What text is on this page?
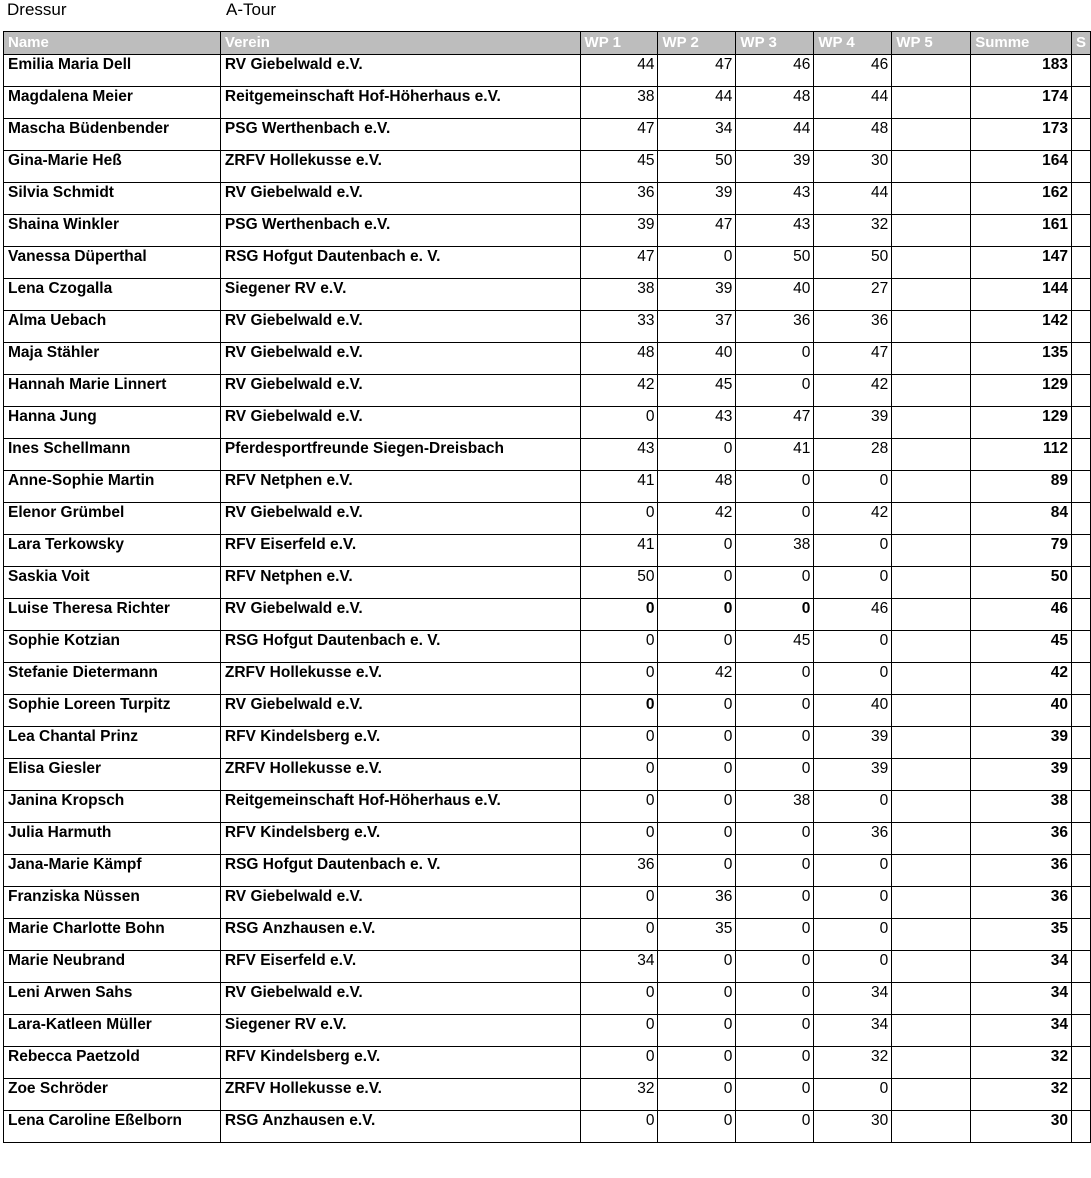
Dressur	A-Tour
Name	Verein	WP 1	WP 2	WP 3	WP 4	WP 5	Summe	S
Emilia Maria Dell	RV Giebelwald e.V.	44	47	46	46		183	
Magdalena Meier	Reitgemeinschaft Hof-Höherhaus e.V.	38	44	48	44		174	
Mascha Büdenbender	PSG Werthenbach e.V.	47	34	44	48		173	
Gina-Marie Heß	ZRFV Hollekusse e.V.	45	50	39	30		164	
Silvia Schmidt	RV Giebelwald e.V.	36	39	43	44		162	
Shaina Winkler	PSG Werthenbach e.V.	39	47	43	32		161	
Vanessa Düperthal	RSG Hofgut Dautenbach e. V.	47	0	50	50		147	
Lena Czogalla	Siegener RV e.V.	38	39	40	27		144	
Alma Uebach	RV Giebelwald e.V.	33	37	36	36		142	
Maja Stähler	RV Giebelwald e.V.	48	40	0	47		135	
Hannah Marie Linnert	RV Giebelwald e.V.	42	45	0	42		129	
Hanna Jung	RV Giebelwald e.V.	0	43	47	39		129	
Ines Schellmann	Pferdesportfreunde Siegen-Dreisbach	43	0	41	28		112	
Anne-Sophie Martin	RFV Netphen e.V.	41	48	0	0		89	
Elenor Grümbel	RV Giebelwald e.V.	0	42	0	42		84	
Lara Terkowsky	RFV Eiserfeld e.V.	41	0	38	0		79	
Saskia Voit	RFV Netphen e.V.	50	0	0	0		50	
Luise Theresa Richter	RV Giebelwald e.V.	0	0	0	46		46	
Sophie Kotzian	RSG Hofgut Dautenbach e. V.	0	0	45	0		45	
Stefanie Dietermann	ZRFV Hollekusse e.V.	0	42	0	0		42	
Sophie Loreen Turpitz	RV Giebelwald e.V.	0	0	0	40		40	
Lea Chantal Prinz	RFV Kindelsberg e.V.	0	0	0	39		39	
Elisa Giesler	ZRFV Hollekusse e.V.	0	0	0	39		39	
Janina Kropsch	Reitgemeinschaft Hof-Höherhaus e.V.	0	0	38	0		38	
Julia Harmuth	RFV Kindelsberg e.V.	0	0	0	36		36	
Jana-Marie Kämpf	RSG Hofgut Dautenbach e. V.	36	0	0	0		36	
Franziska Nüssen	RV Giebelwald e.V.	0	36	0	0		36	
Marie Charlotte Bohn	RSG Anzhausen e.V.	0	35	0	0		35	
Marie Neubrand	RFV Eiserfeld e.V.	34	0	0	0		34	
Leni Arwen Sahs	RV Giebelwald e.V.	0	0	0	34		34	
Lara-Katleen Müller	Siegener RV e.V.	0	0	0	34		34	
Rebecca Paetzold	RFV Kindelsberg e.V.	0	0	0	32		32	
Zoe Schröder	ZRFV Hollekusse e.V.	32	0	0	0		32	
Lena Caroline Eßelborn	RSG Anzhausen e.V.	0	0	0	30		30	
